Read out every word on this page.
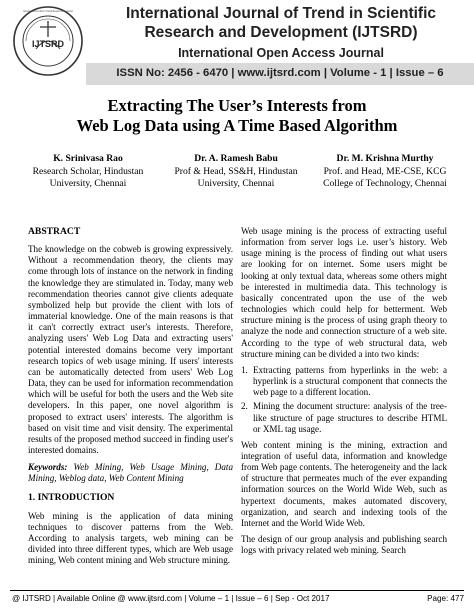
IJTSRD
International Journal of Trend in Scientific Research and Development	International Journal of Trend in Scientific
Research and Development (IJTSRD)
International Open Access Journal
ISSN No: 2456 - 6470 | www.ijtsrd.com | Volume - 1 | Issue – 6
Extracting The User’s Interests from
Web Log Data using A Time Based Algorithm
K. Srinivasa Rao
Research Scholar, Hindustan
University, Chennai
Dr. A. Ramesh Babu
Prof & Head, SS&H, Hindustan
University, Chennai
Dr. M. Krishna Murthy
Prof. and Head, ME-CSE, KCG
College of Technology, Chennai
ABSTRACT
The knowledge on the cobweb is growing expressively. Without a recommendation theory, the clients may come through lots of instance on the network in finding the knowledge they are stimulated in. Today, many web recommendation theories cannot give clients adequate symbolized help but provide the client with lots of immaterial knowledge. One of the main reasons is that it can't correctly extract user's interests. Therefore, analyzing users' Web Log Data and extracting users' potential interested domains become very important research topics of web usage mining. If users' interests can be automatically detected from users' Web Log Data, they can be used for information recommendation which will be useful for both the users and the Web site developers. In this paper, one novel algorithm is proposed to extract users' interests. The algorithm is based on visit time and visit density. The experimental results of the proposed method succeed in finding user's interested domains.
Keywords: Web Mining, Web Usage Mining, Data Mining, Weblog data, Web Content Mining
1. INTRODUCTION
Web mining is the application of data mining techniques to discover patterns from the Web. According to analysis targets, web mining can be divided into three different types, which are Web usage mining, Web content mining and Web structure mining.
Web usage mining is the process of extracting useful information from server logs i.e. user’s history. Web usage mining is the process of finding out what users are looking for on internet. Some users might be looking at only textual data, whereas some others might be interested in multimedia data. This technology is basically concentrated upon the use of the web technologies which could help for betterment. Web structure mining is the process of using graph theory to analyze the node and connection structure of a web site. According to the type of web structural data, web structure mining can be divided a into two kinds:
1. Extracting patterns from hyperlinks in the web: a hyperlink is a structural component that connects the web page to a different location.
2. Mining the document structure: analysis of the tree-like structure of page structures to describe HTML or XML tag usage.
Web content mining is the mining, extraction and integration of useful data, information and knowledge from Web page contents. The heterogeneity and the lack of structure that permeates much of the ever expanding information sources on the World Wide Web, such as hypertext documents, makes automated discovery, organization, and search and indexing tools of the Internet and the World Wide Web.
The design of our group analysis and publishing search logs with privacy related web mining. Search
@ IJTSRD | Available Online @ www.ijtsrd.com | Volume – 1 | Issue – 6 | Sep - Oct 2017	Page: 477
